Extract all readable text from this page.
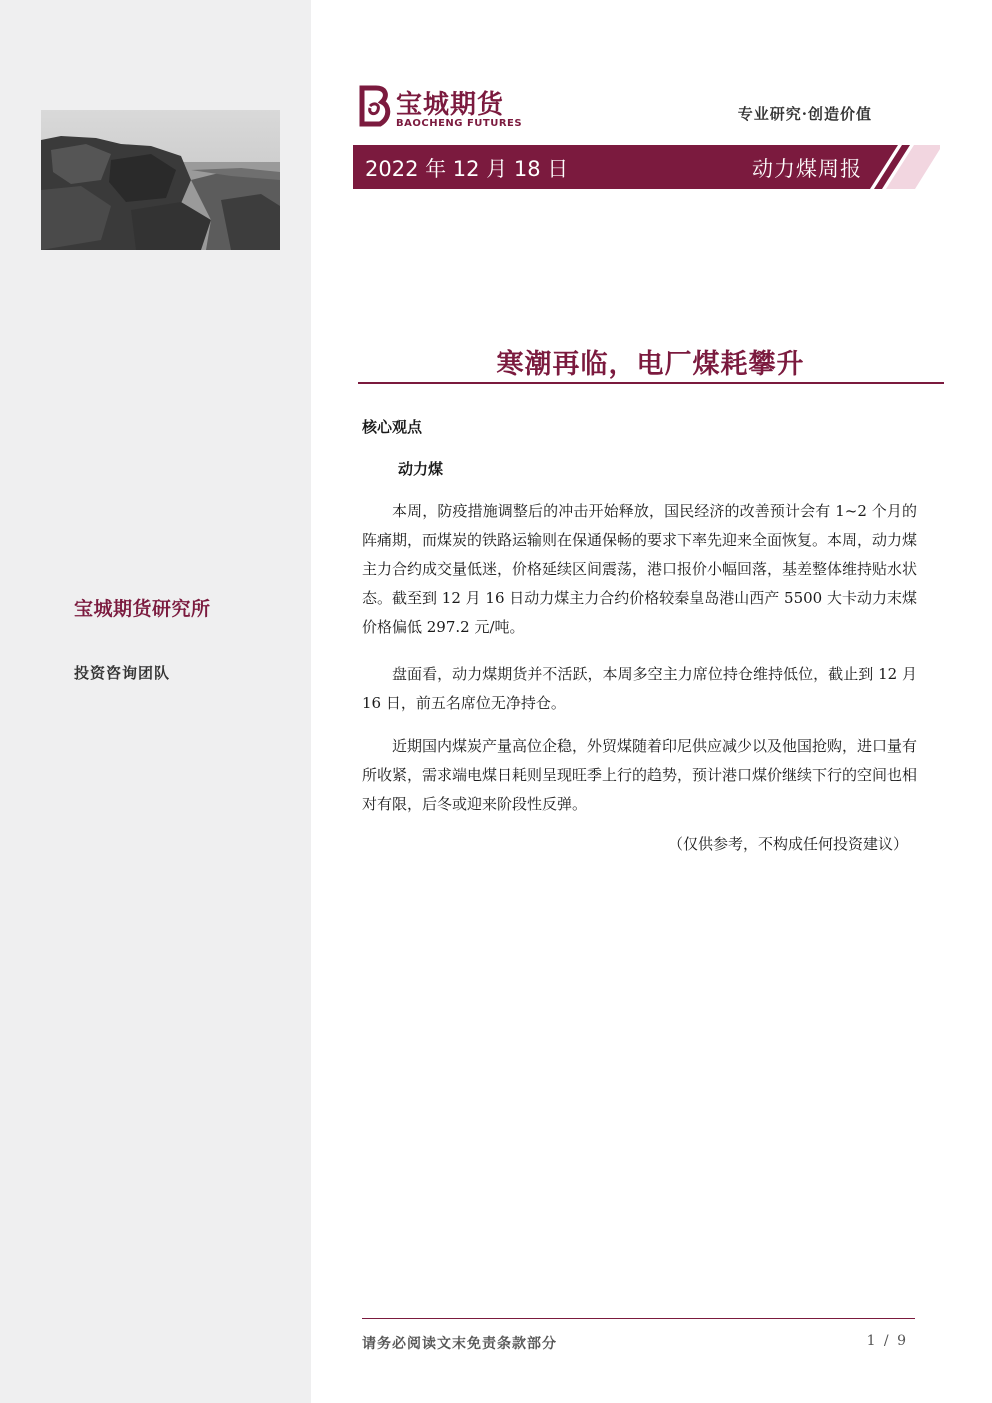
宝城期货研究所
投资咨询团队
宝城期货
BAOCHENG FUTURES
专业研究·创造价值
2022 年 12 月 18 日	动力煤周报
寒潮再临，电厂煤耗攀升
核心观点
动力煤
本周，防疫措施调整后的冲击开始释放，国民经济的改善预计会有 1~2 个月的阵痛期，而煤炭的铁路运输则在保通保畅的要求下率先迎来全面恢复。本周，动力煤主力合约成交量低迷，价格延续区间震荡，港口报价小幅回落，基差整体维持贴水状态。截至到 12 月 16 日动力煤主力合约价格较秦皇岛港山西产 5500 大卡动力末煤价格偏低 297.2 元/吨。
盘面看，动力煤期货并不活跃，本周多空主力席位持仓维持低位，截止到 12 月 16 日，前五名席位无净持仓。
近期国内煤炭产量高位企稳，外贸煤随着印尼供应减少以及他国抢购，进口量有所收紧，需求端电煤日耗则呈现旺季上行的趋势，预计港口煤价继续下行的空间也相对有限，后冬或迎来阶段性反弹。
（仅供参考，不构成任何投资建议）
请务必阅读文末免责条款部分	1 / 9
